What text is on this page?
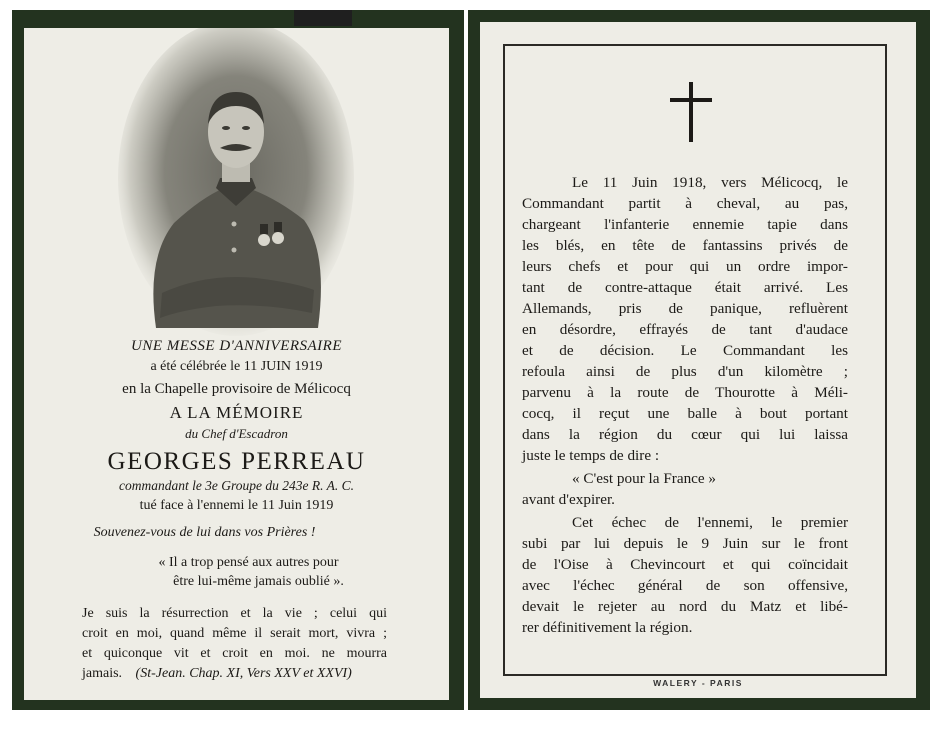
UNE MESSE D'ANNIVERSAIRE
a été célébrée le 11 JUIN 1919
en la Chapelle provisoire de Mélicocq
A LA MÉMOIRE
du Chef d'Escadron
GEORGES PERREAU
commandant le 3e Groupe du 243e R. A. C.
tué face à l'ennemi le 11 Juin 1919
Souvenez-vous de lui dans vos Prières !
« Il a trop pensé aux autres pour
être lui-même jamais oublié ».
Je suis la résurrection et la vie ; celui qui
croit en moi, quand même il serait mort, vivra ;
et quiconque vit et croit en moi. ne mourra
jamais. (St-Jean. Chap. XI, Vers XXV et XXVI)
Le 11 Juin 1918, vers Mélicocq, le
Commandant partit à cheval, au pas,
chargeant l'infanterie ennemie tapie dans
les blés, en tête de fantassins privés de
leurs chefs et pour qui un ordre impor-
tant de contre-attaque était arrivé. Les
Allemands, pris de panique, refluèrent
en désordre, effrayés de tant d'audace
et de décision. Le Commandant les
refoula ainsi de plus d'un kilomètre ;
parvenu à la route de Thourotte à Méli-
cocq, il reçut une balle à bout portant
dans la région du cœur qui lui laissa
juste le temps de dire :
« C'est pour la France »
avant d'expirer.
Cet échec de l'ennemi, le premier
subi par lui depuis le 9 Juin sur le front
de l'Oise à Chevincourt et qui coïncidait
avec l'échec général de son offensive,
devait le rejeter au nord du Matz et libé-
rer définitivement la région.
WALERY - PARIS
